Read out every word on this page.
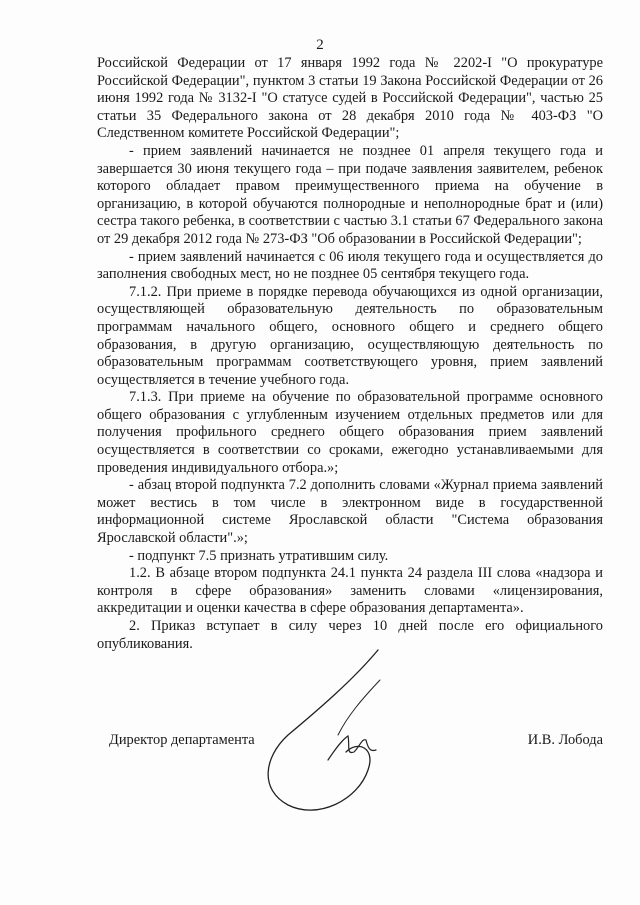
2

Российской Федерации от 17 января 1992 года № 2202-I "О прокуратуре Российской Федерации", пунктом 3 статьи 19 Закона Российской Федерации от 26 июня 1992 года № 3132-I "О статусе судей в Российской Федерации", частью 25 статьи 35 Федерального закона от 28 декабря 2010 года № 403-ФЗ "О Следственном комитете Российской Федерации";

- прием заявлений начинается не позднее 01 апреля текущего года и завершается 30 июня текущего года – при подаче заявления заявителем, ребенок которого обладает правом преимущественного приема на обучение в организацию, в которой обучаются полнородные и неполнородные брат и (или) сестра такого ребенка, в соответствии с частью 3.1 статьи 67 Федерального закона от 29 декабря 2012 года № 273-ФЗ "Об образовании в Российской Федерации";

- прием заявлений начинается с 06 июля текущего года и осуществляется до заполнения свободных мест, но не позднее 05 сентября текущего года.

7.1.2. При приеме в порядке перевода обучающихся из одной организации, осуществляющей образовательную деятельность по образовательным программам начального общего, основного общего и среднего общего образования, в другую организацию, осуществляющую деятельность по образовательным программам соответствующего уровня, прием заявлений осуществляется в течение учебного года.

7.1.3. При приеме на обучение по образовательной программе основного общего образования с углубленным изучением отдельных предметов или для получения профильного среднего общего образования прием заявлений осуществляется в соответствии со сроками, ежегодно устанавливаемыми для проведения индивидуального отбора.»;

- абзац второй подпункта 7.2 дополнить словами «Журнал приема заявлений может вестись в том числе в электронном виде в государственной информационной системе Ярославской области "Система образования Ярославской области".»;

- подпункт 7.5 признать утратившим силу.

1.2. В абзаце втором подпункта 24.1 пункта 24 раздела III слова «надзора и контроля в сфере образования» заменить словами «лицензирования, аккредитации и оценки качества в сфере образования департамента».

2. Приказ вступает в силу через 10 дней после его официального опубликования.

Директор департамента	И.В. Лобода
